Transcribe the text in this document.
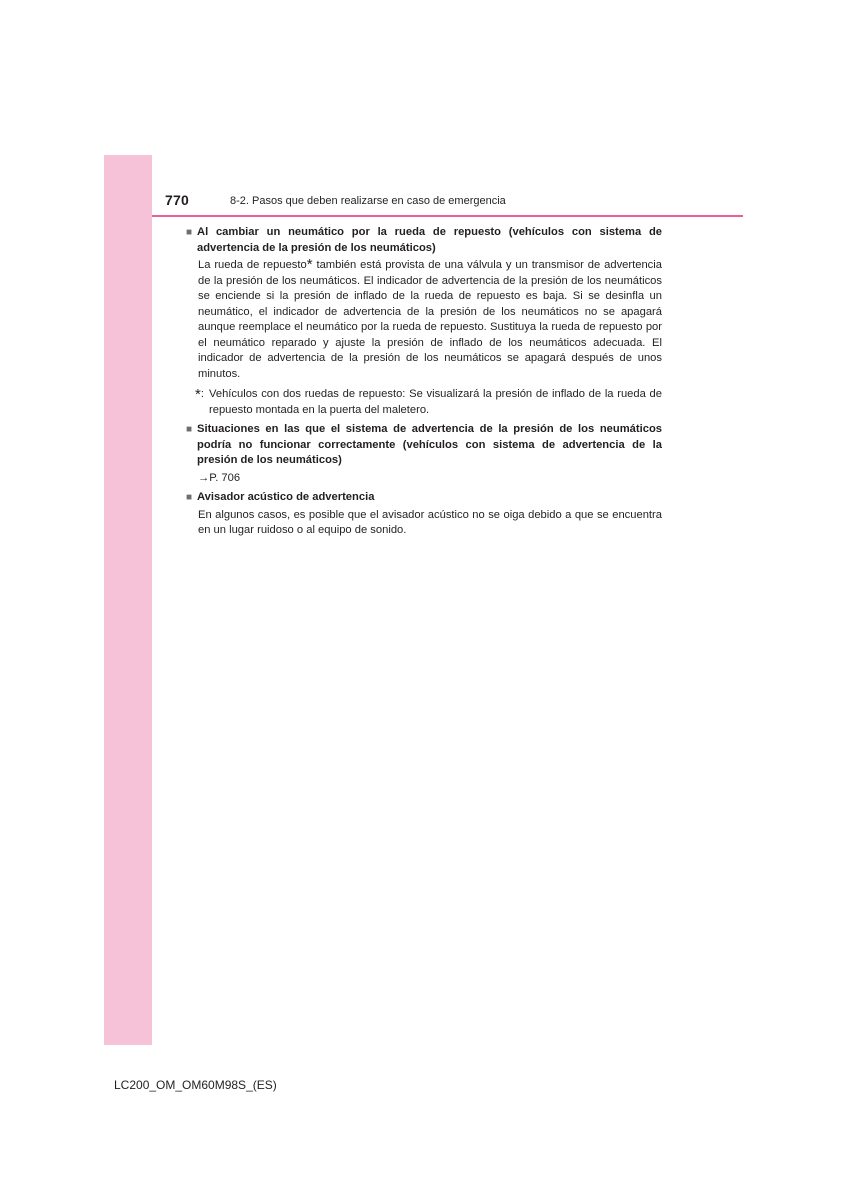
770	8-2. Pasos que deben realizarse en caso de emergencia
■ Al cambiar un neumático por la rueda de repuesto (vehículos con sistema de advertencia de la presión de los neumáticos)
La rueda de repuesto* también está provista de una válvula y un transmisor de advertencia de la presión de los neumáticos. El indicador de advertencia de la presión de los neumáticos se enciende si la presión de inflado de la rueda de repuesto es baja. Si se desinfla un neumático, el indicador de advertencia de la presión de los neumáticos no se apagará aunque reemplace el neumático por la rueda de repuesto. Sustituya la rueda de repuesto por el neumático reparado y ajuste la presión de inflado de los neumáticos adecuada. El indicador de advertencia de la presión de los neumáticos se apagará después de unos minutos.
*: Vehículos con dos ruedas de repuesto: Se visualizará la presión de inflado de la rueda de repuesto montada en la puerta del maletero.
■ Situaciones en las que el sistema de advertencia de la presión de los neumáticos podría no funcionar correctamente (vehículos con sistema de advertencia de la presión de los neumáticos)
→P. 706
■ Avisador acústico de advertencia
En algunos casos, es posible que el avisador acústico no se oiga debido a que se encuentra en un lugar ruidoso o al equipo de sonido.
LC200_OM_OM60M98S_(ES)
